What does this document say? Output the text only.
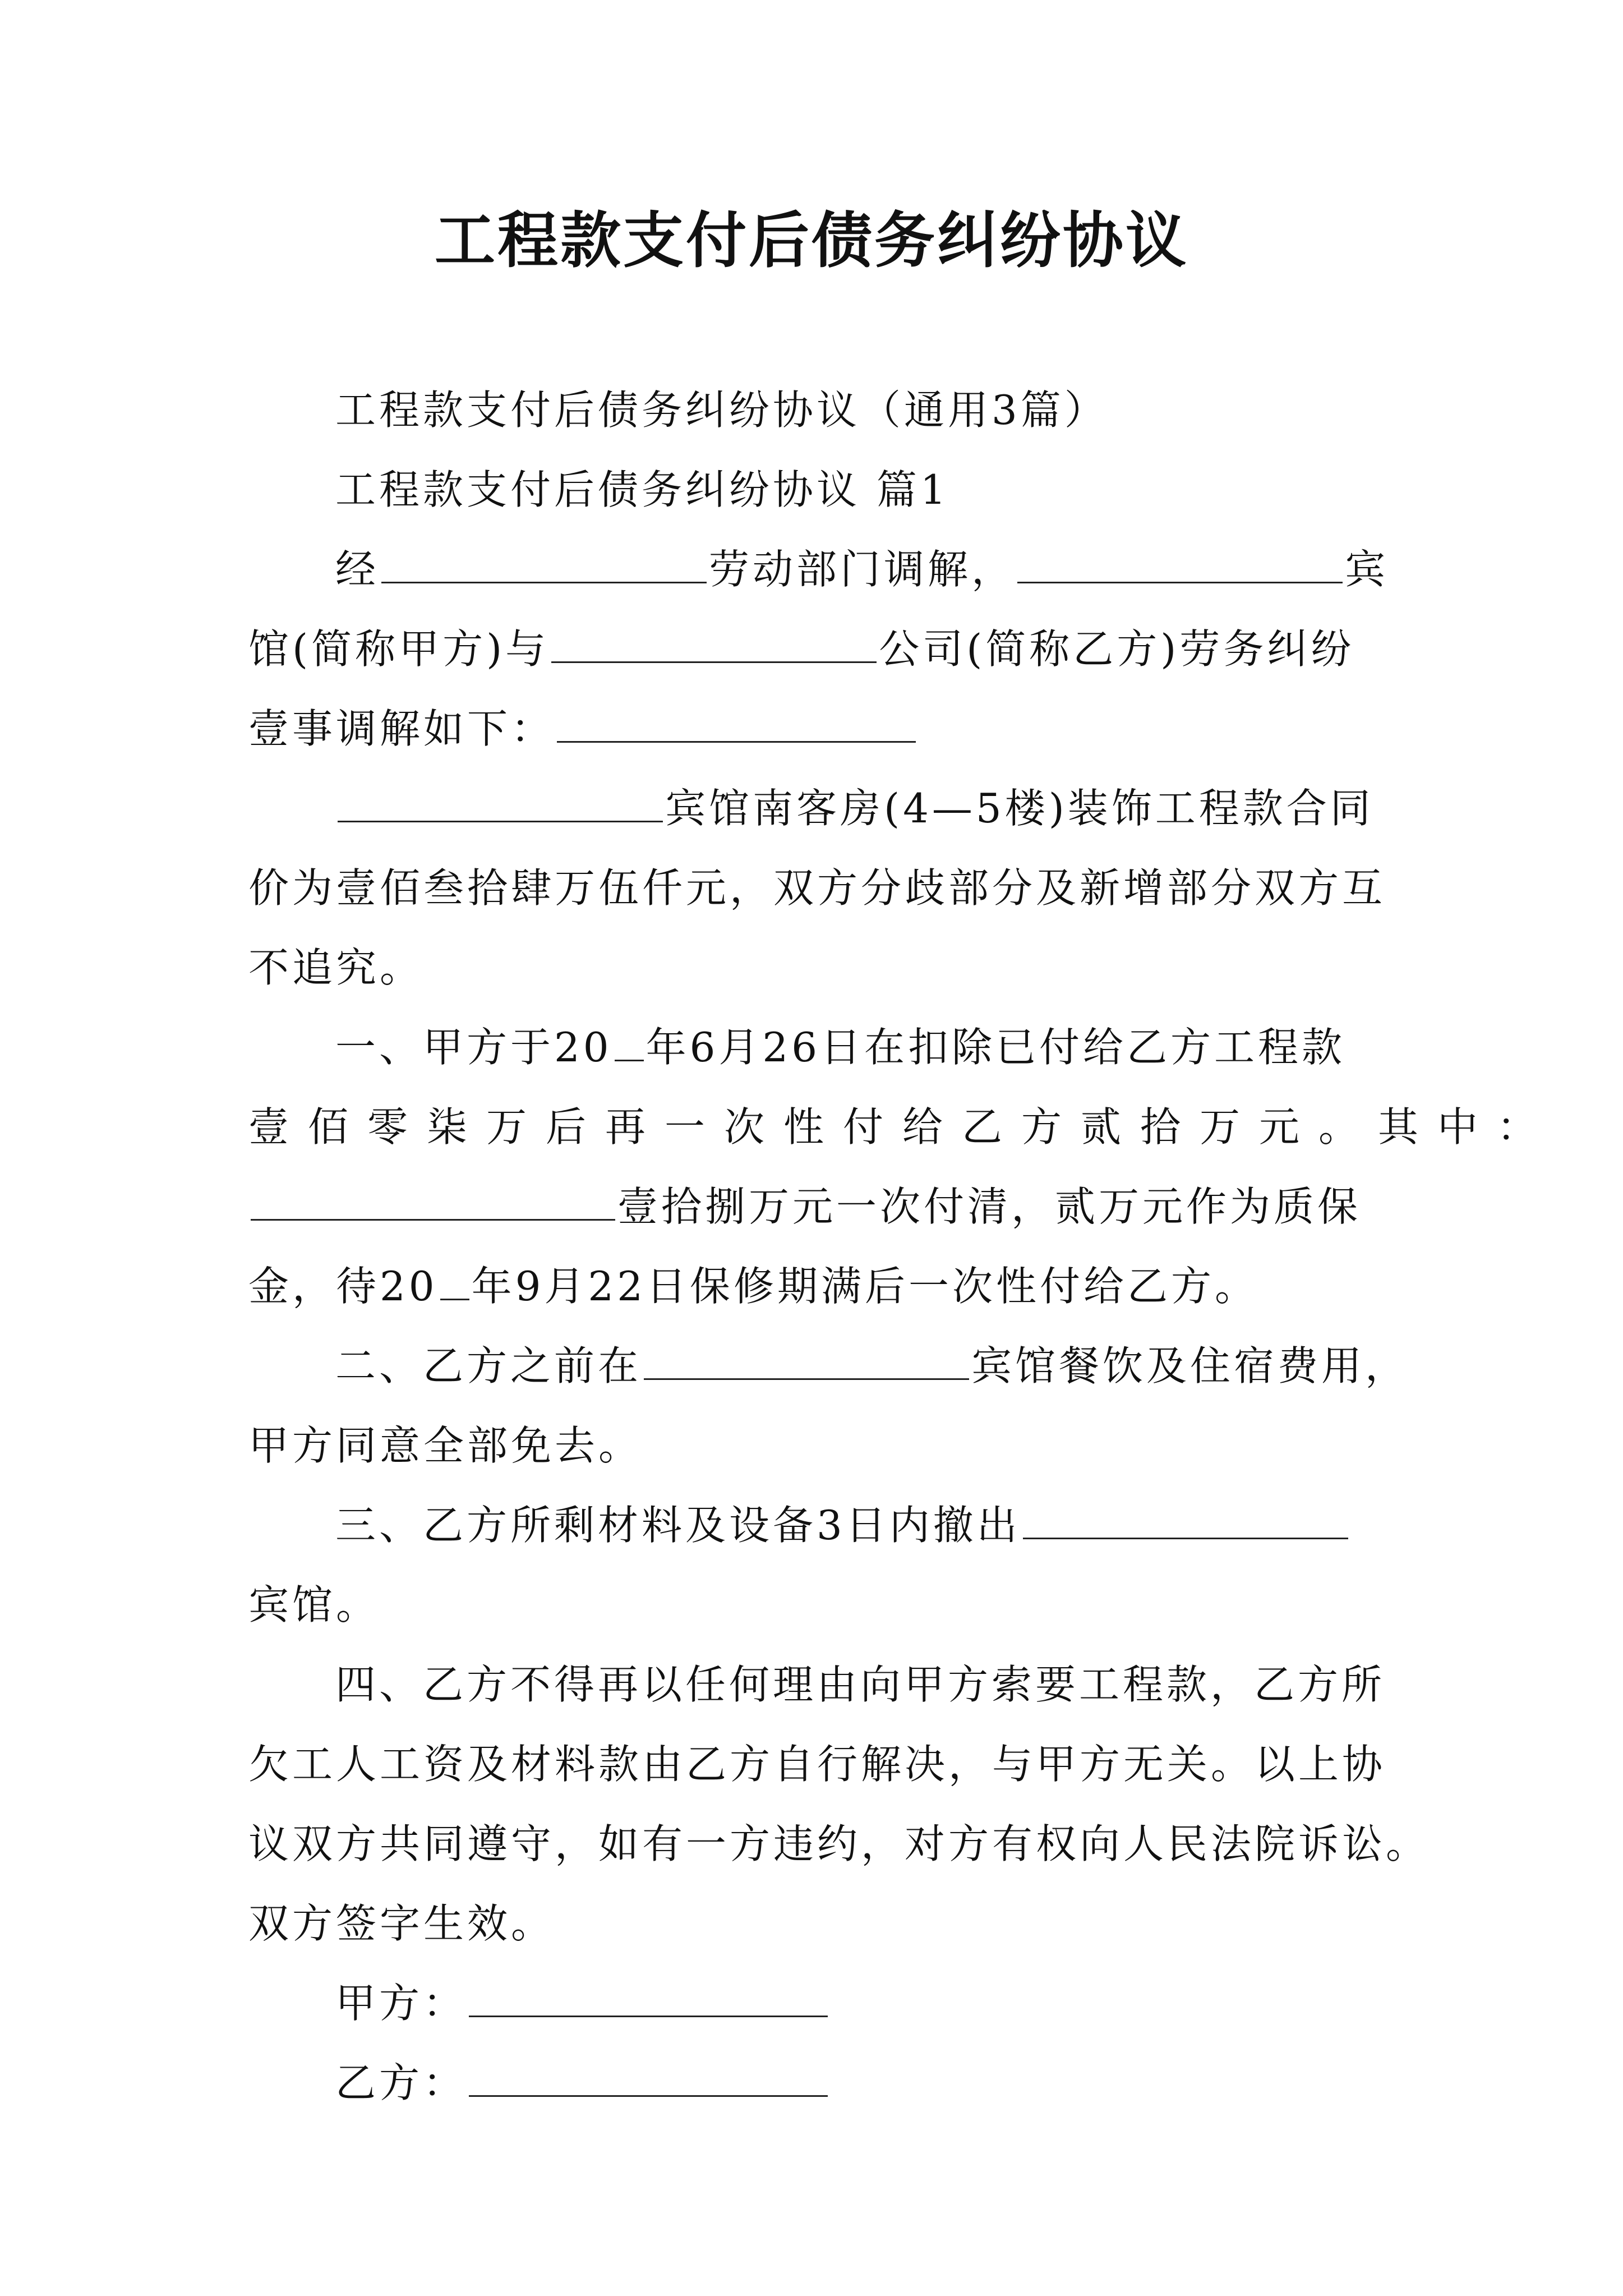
工程款支付后债务纠纷协议
工程款支付后债务纠纷协议（通用3篇）
工程款支付后债务纠纷协议 篇1
经	劳动部门调解，	宾
馆(简称甲方)与	公司(简称乙方)劳务纠纷
壹事调解如下：
宾馆南客房(4—5楼)装饰工程款合同
价为壹佰叁拾肆万伍仟元，双方分歧部分及新增部分双方互
不追究。
一、甲方于20 年6月26日在扣除已付给乙方工程款
壹佰零柒万后再一次性付给乙方贰拾万元。其中：
壹拾捌万元一次付清，贰万元作为质保
金，待20 年9月22日保修期满后一次性付给乙方。
二、乙方之前在	宾馆餐饮及住宿费用，
甲方同意全部免去。
三、乙方所剩材料及设备3日内撤出
宾馆。
四、乙方不得再以任何理由向甲方索要工程款，乙方所
欠工人工资及材料款由乙方自行解决，与甲方无关。以上协
议双方共同遵守，如有一方违约，对方有权向人民法院诉讼。
双方签字生效。
甲方：
乙方：
